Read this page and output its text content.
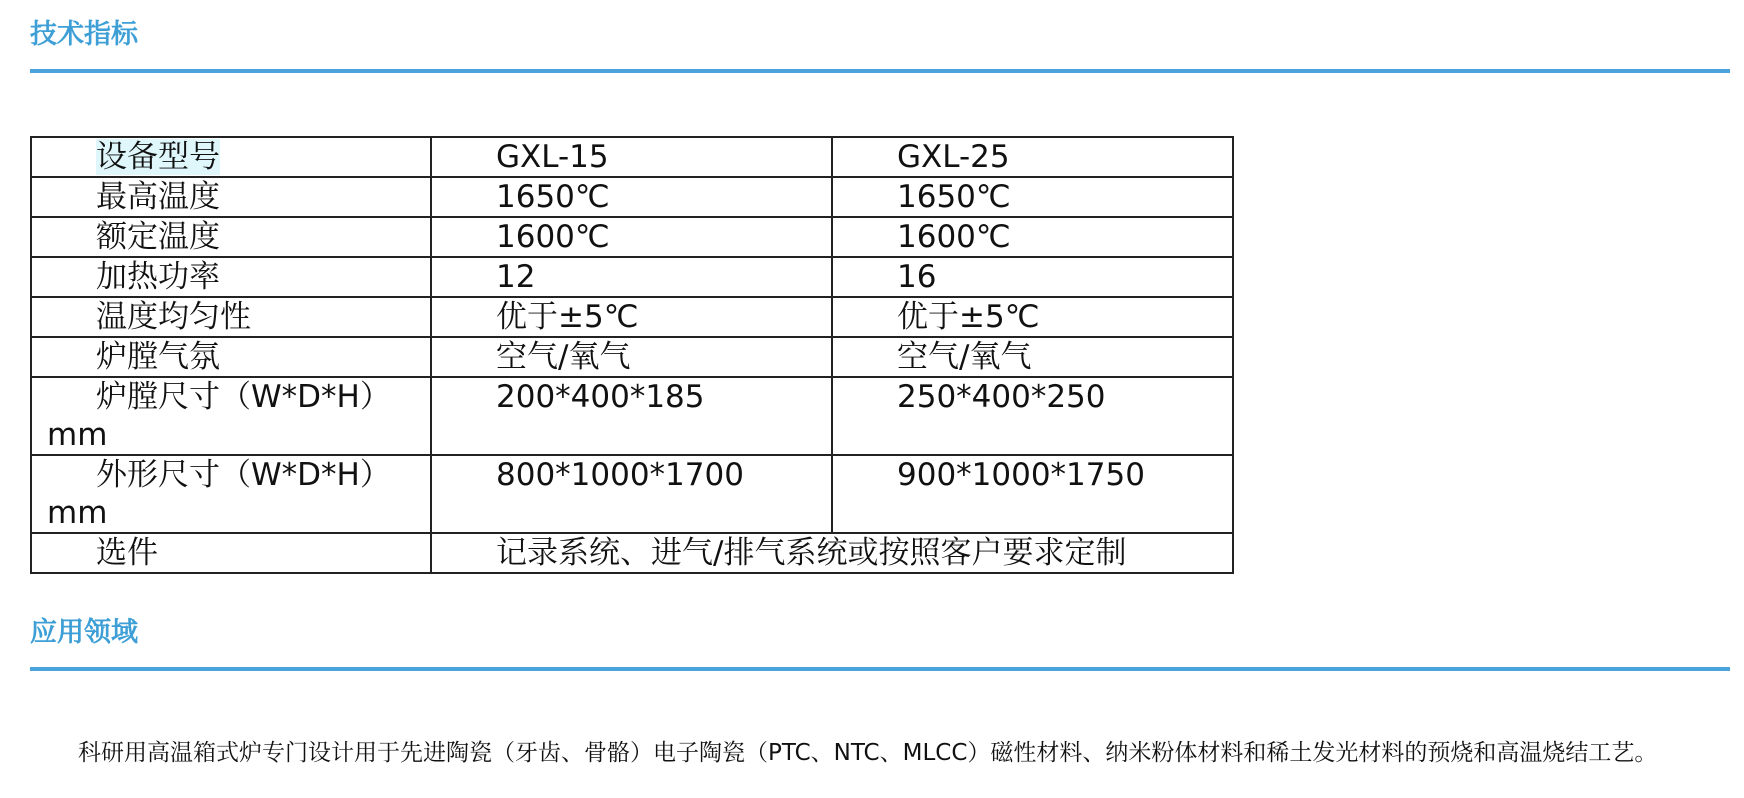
技术指标
设备型号	GXL-15	GXL-25
最高温度	1650℃	1650℃
额定温度	1600℃	1600℃
加热功率	12	16
温度均匀性	优于±5℃	优于±5℃
炉膛气氛	空气/氧气	空气/氧气
炉膛尺寸（W*D*H）mm	200*400*185	250*400*250
外形尺寸（W*D*H）mm	800*1000*1700	900*1000*1750
选件	记录系统、进气/排气系统或按照客户要求定制	
应用领域

科研用高温箱式炉专门设计用于先进陶瓷（牙齿、骨骼）电子陶瓷（PTC、NTC、MLCC）磁性材料、纳米粉体材料和稀土发光材料的预烧和高温烧结工艺。
